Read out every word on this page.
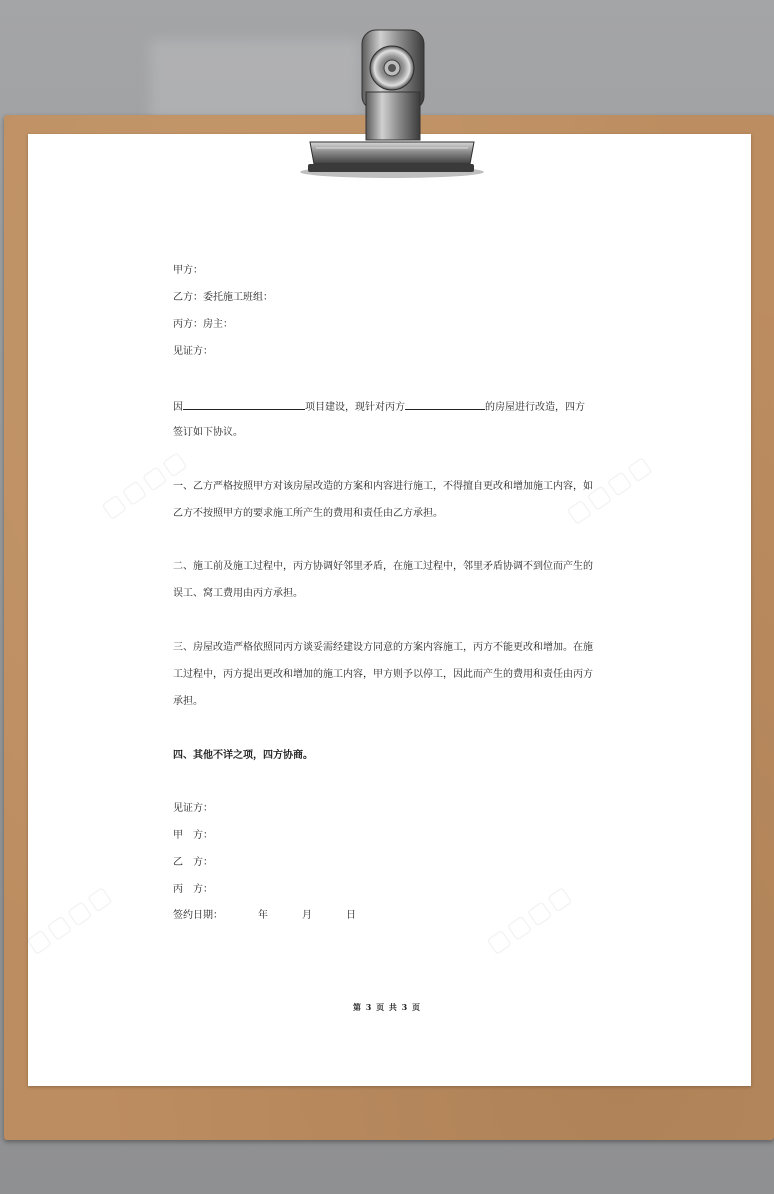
▢▢▢▢	▢▢▢▢
▢▢▢▢	▢▢▢▢
甲方：
乙方：委托施工班组：
丙方：房主：
见证方：
因	项目建设，现针对丙方	的房屋进行改造，四方
签订如下协议。
一、乙方严格按照甲方对该房屋改造的方案和内容进行施工，不得擅自更改和增加施工内容，如
乙方不按照甲方的要求施工所产生的费用和责任由乙方承担。
二、施工前及施工过程中，丙方协调好邻里矛盾，在施工过程中，邻里矛盾协调不到位而产生的
误工、窝工费用由丙方承担。
三、房屋改造严格依照同丙方谈妥需经建设方同意的方案内容施工，丙方不能更改和增加。在施
工过程中，丙方提出更改和增加的施工内容，甲方则予以停工，因此而产生的费用和责任由丙方
承担。
四、其他不详之项，四方协商。
见证方：
甲　方：
乙　方：
丙　方：
签约日期：	年	月	日
第 3 页 共 3 页
